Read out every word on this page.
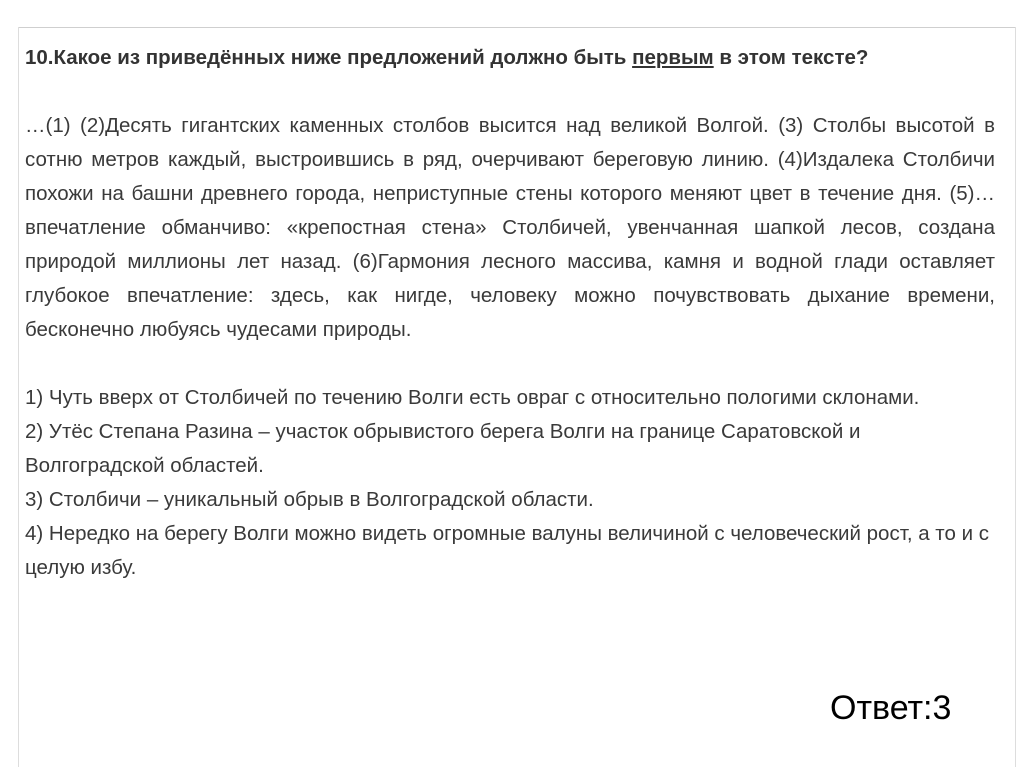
10.Какое из приведённых ниже предложений должно быть первым в этом тексте?

…(1) (2)Десять гигантских каменных столбов высится над великой Волгой. (3) Столбы высотой в сотню метров каждый, выстроившись в ряд, очерчивают береговую линию. (4)Издалека Столбичи похожи на башни древнего города, неприступные стены которого меняют цвет в течение дня. (5)… впечатление обманчиво: «крепостная стена» Столбичей, увенчанная шапкой лесов, создана природой миллионы лет назад. (6)Гармония лесного массива, камня и водной глади оставляет глубокое впечатление: здесь, как нигде, человеку можно почувствовать дыхание времени, бесконечно любуясь чудесами природы.

1) Чуть вверх от Столбичей по течению Волги есть овраг с относительно пологими склонами.

2) Утёс Степана Разина – участок обрывистого берега Волги на границе Саратовской и Волгоградской областей.

3) Столбичи – уникальный обрыв в Волгоградской области.

4) Нередко на берегу Волги можно видеть огромные валуны величиной с человеческий рост, а то и с целую избу.

Ответ:3
